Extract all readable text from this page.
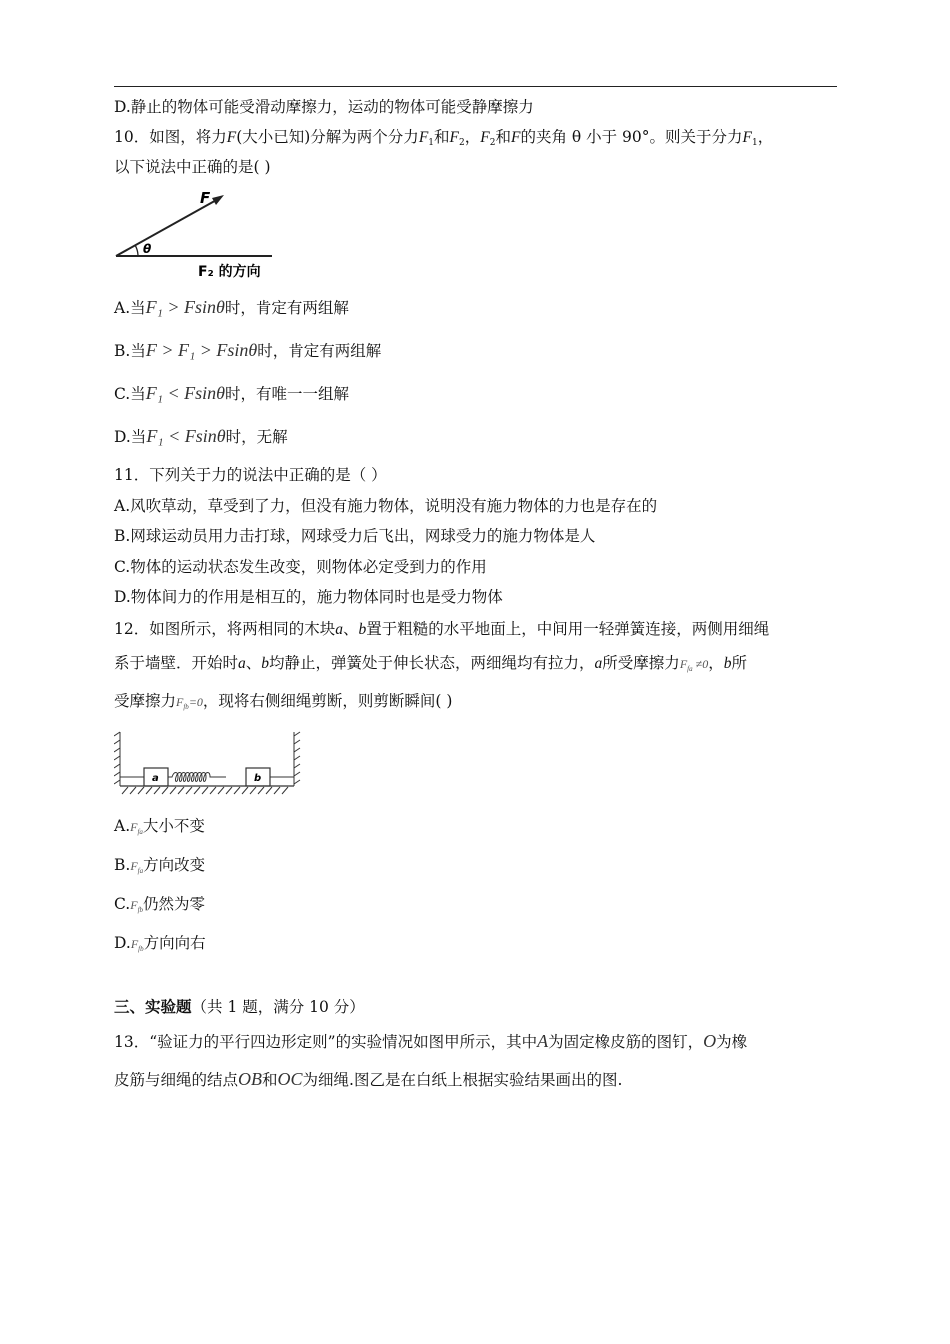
D.静止的物体可能受滑动摩擦力，运动的物体可能受静摩擦力
10．如图，将力F(大小已知)分解为两个分力$F_1$和$F_2$，$F_2$和F的夹角 θ 小于 90°。则关于分力$F_1$，
以下说法中正确的是( )
F
θ
F₂ 的方向
A.当F₁ > Fsinθ时，肯定有两组解
B.当F > F₁ > Fsinθ时，肯定有两组解
C.当F₁ < Fsinθ时，有唯一一组解
D.当F₁ < Fsinθ时，无解
11．下列关于力的说法中正确的是（ ）
A.风吹草动，草受到了力，但没有施力物体，说明没有施力物体的力也是存在的
B.网球运动员用力击打球，网球受力后飞出，网球受力的施力物体是人
C.物体的运动状态发生改变，则物体必定受到力的作用
D.物体间力的作用是相互的，施力物体同时也是受力物体
12．如图所示，将两相同的木块a、b置于粗糙的水平地面上，中间用一轻弹簧连接，两侧用细绳
系于墙壁．开始时a、b均静止，弹簧处于伸长状态，两细绳均有拉力，a所受摩擦力$F_{fa} \ne 0$，b所
受摩擦力$F_{fb}=0$，现将右侧细绳剪断，则剪断瞬间( )
a	b
$A.F_{fa}$大小不变
$B.F_{fa}$方向改变
$C.F_{fb}$仍然为零
$D.F_{fb}$方向向右
三、实验题（共 1 题，满分 10 分）
13．“验证力的平行四边形定则”的实验情况如图甲所示，其中A为固定橡皮筋的图钉，O为橡
皮筋与细绳的结点OB和OC为细绳.图乙是在白纸上根据实验结果画出的图.
